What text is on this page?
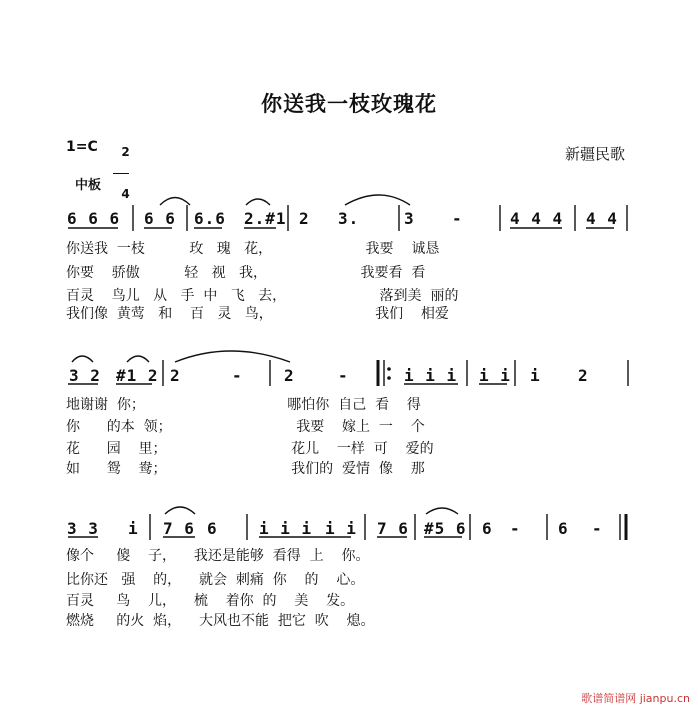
你送我一枝玫瑰花
1=C	2

4

新疆民歌
中板
6 6 6 6 6 6.6 2.#1 2 3.	3 -	4 4 4 4 4
你送我  一枝          玫   瑰   花，                     我要    诚恳
你要    骄傲          轻   视   我，                     我要看  看
百灵    鸟儿   从   手  中   飞   去，                     落到美  丽的
我们像  黄莺   和    百   灵   鸟，                       我们    相爱
3 2 #1 2 2	-	2	-	i i i i i i 2
地谢谢  你；                                哪怕你  自己  看    得
你      的本  领；                            我要    嫁上  一    个
花      园    里；                            花儿    一样  可    爱的
如      鸳    鸯；                            我们的  爱情  像    那
3 3 i 7 6 6	i i i i i 7 6 #5 6 6 - 6 -
像个     傻    子，    我还是能够  看得  上    你。
比你还   强    的，    就会  刺痛  你    的    心。
百灵     鸟    儿，    梳    着你  的    美    发。
燃烧     的火  焰，    大风也不能  把它  吹    熄。
歌谱简谱网 jianpu.cn
